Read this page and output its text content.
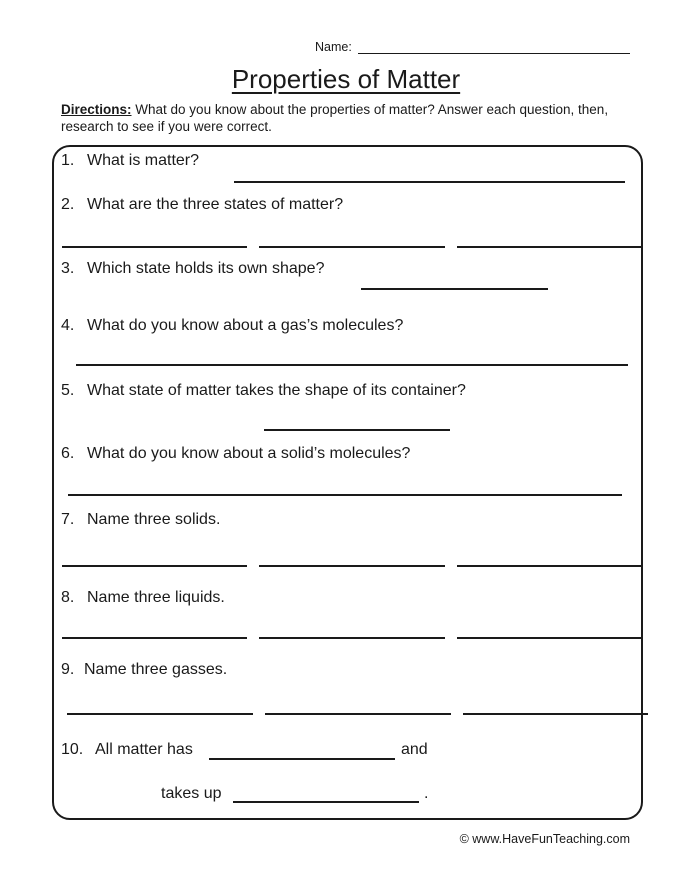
Name:
Properties of Matter
Directions: What do you know about the properties of matter? Answer each question, then, research to see if you were correct.
1. What is matter?
2. What are the three states of matter?
3. Which state holds its own shape?
4. What do you know about a gas’s molecules?
5. What state of matter takes the shape of its container?
6. What do you know about a solid’s molecules?
7. Name three solids.
8. Name three liquids.
9. Name three gasses.
10. All matter has	and
takes up	.
© www.HaveFunTeaching.com
